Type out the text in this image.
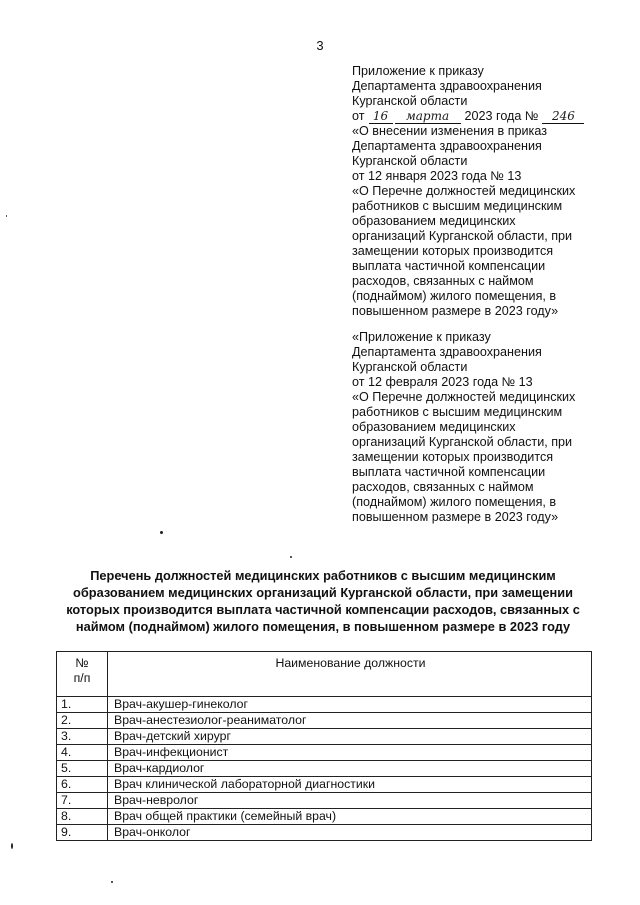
3
Приложение к приказу
Департамента здравоохранения
Курганской области
от 16	марта	2023 года №	246
«О внесении изменения в приказ
Департамента здравоохранения
Курганской области
от 12 января 2023 года № 13
«О Перечне должностей медицинских
работников с высшим медицинским
образованием медицинских
организаций Курганской области, при
замещении которых производится
выплата частичной компенсации
расходов, связанных с наймом
(поднаймом) жилого помещения, в
повышенном размере в 2023 году»
«Приложение к приказу
Департамента здравоохранения
Курганской области
от 12 февраля 2023 года № 13
«О Перечне должностей медицинских
работников с высшим медицинским
образованием медицинских
организаций Курганской области, при
замещении которых производится
выплата частичной компенсации
расходов, связанных с наймом
(поднаймом) жилого помещения, в
повышенном размере в 2023 году»
Перечень должностей медицинских работников с высшим медицинским
образованием медицинских организаций Курганской области, при замещении
которых производится выплата частичной компенсации расходов, связанных с
наймом (поднаймом) жилого помещения, в повышенном размере в 2023 году
№
п/п	Наименование должности
1.	Врач-акушер-гинеколог
2.	Врач-анестезиолог-реаниматолог
3.	Врач-детский хирург
4.	Врач-инфекционист
5.	Врач-кардиолог
6.	Врач клинической лабораторной диагностики
7.	Врач-невролог
8.	Врач общей практики (семейный врач)
9.	Врач-онколог
